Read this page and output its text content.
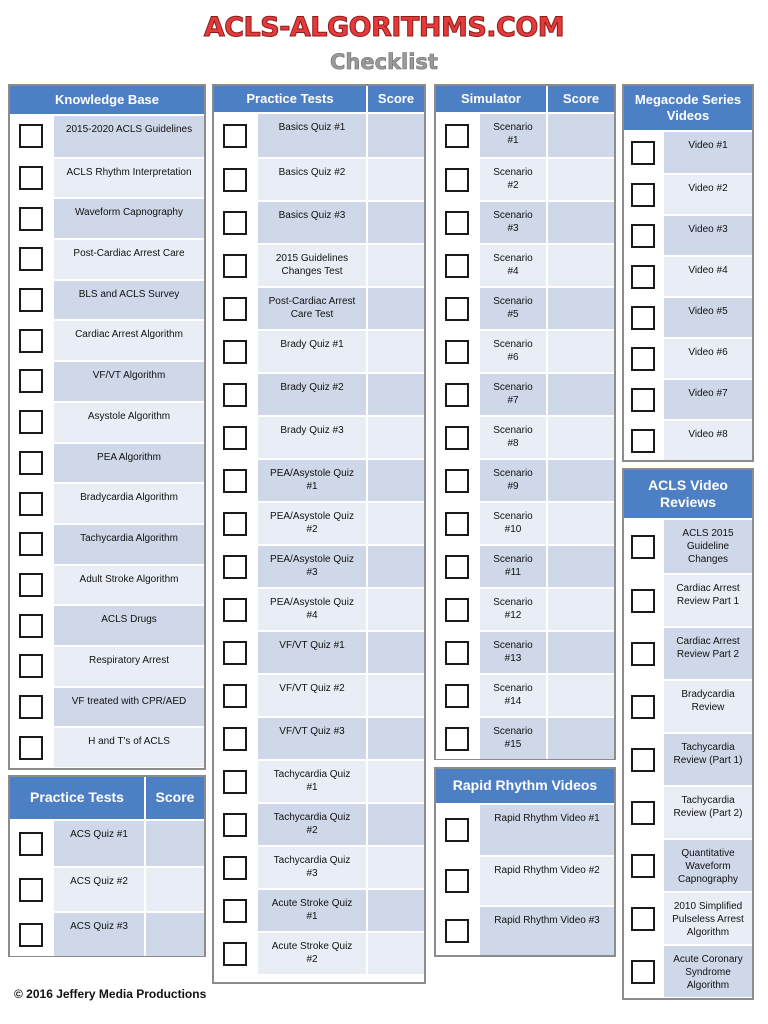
ACLS-ALGORITHMS.COM
Checklist
Knowledge Base
2015-2020 ACLS Guidelines
ACLS Rhythm Interpretation
Waveform Capnography
Post-Cardiac Arrest Care
BLS and ACLS Survey
Cardiac Arrest Algorithm
VF/VT Algorithm
Asystole Algorithm
PEA Algorithm
Bradycardia Algorithm
Tachycardia Algorithm
Adult Stroke Algorithm
ACLS Drugs
Respiratory Arrest
VF treated with CPR/AED
H and T's of ACLS
Practice Tests	Score
ACS Quiz #1
ACS Quiz #2
ACS Quiz #3
Practice Tests	Score
Basics Quiz #1
Basics Quiz #2
Basics Quiz #3
2015 Guidelines
Changes Test
Post-Cardiac Arrest
Care Test
Brady Quiz #1
Brady Quiz #2
Brady Quiz #3
PEA/Asystole Quiz
#1
PEA/Asystole Quiz
#2
PEA/Asystole Quiz
#3
PEA/Asystole Quiz
#4
VF/VT Quiz #1
VF/VT Quiz #2
VF/VT Quiz #3
Tachycardia Quiz
#1
Tachycardia Quiz
#2
Tachycardia Quiz
#3
Acute Stroke Quiz
#1
Acute Stroke Quiz
#2
Simulator	Score
Scenario
#1
Scenario
#2
Scenario
#3
Scenario
#4
Scenario
#5
Scenario
#6
Scenario
#7
Scenario
#8
Scenario
#9
Scenario
#10
Scenario
#11
Scenario
#12
Scenario
#13
Scenario
#14
Scenario
#15
Rapid Rhythm Videos
Rapid Rhythm Video #1
Rapid Rhythm Video #2
Rapid Rhythm Video #3
Megacode Series
Videos
Video #1
Video #2
Video #3
Video #4
Video #5
Video #6
Video #7
Video #8
ACLS Video
Reviews
ACLS 2015
Guideline
Changes
Cardiac Arrest
Review Part 1
Cardiac Arrest
Review Part 2
Bradycardia
Review
Tachycardia
Review (Part 1)
Tachycardia
Review (Part 2)
Quantitative
Waveform
Capnography
2010 Simplified
Pulseless Arrest
Algorithm
Acute Coronary
Syndrome
Algorithm
© 2016 Jeffery Media Productions
